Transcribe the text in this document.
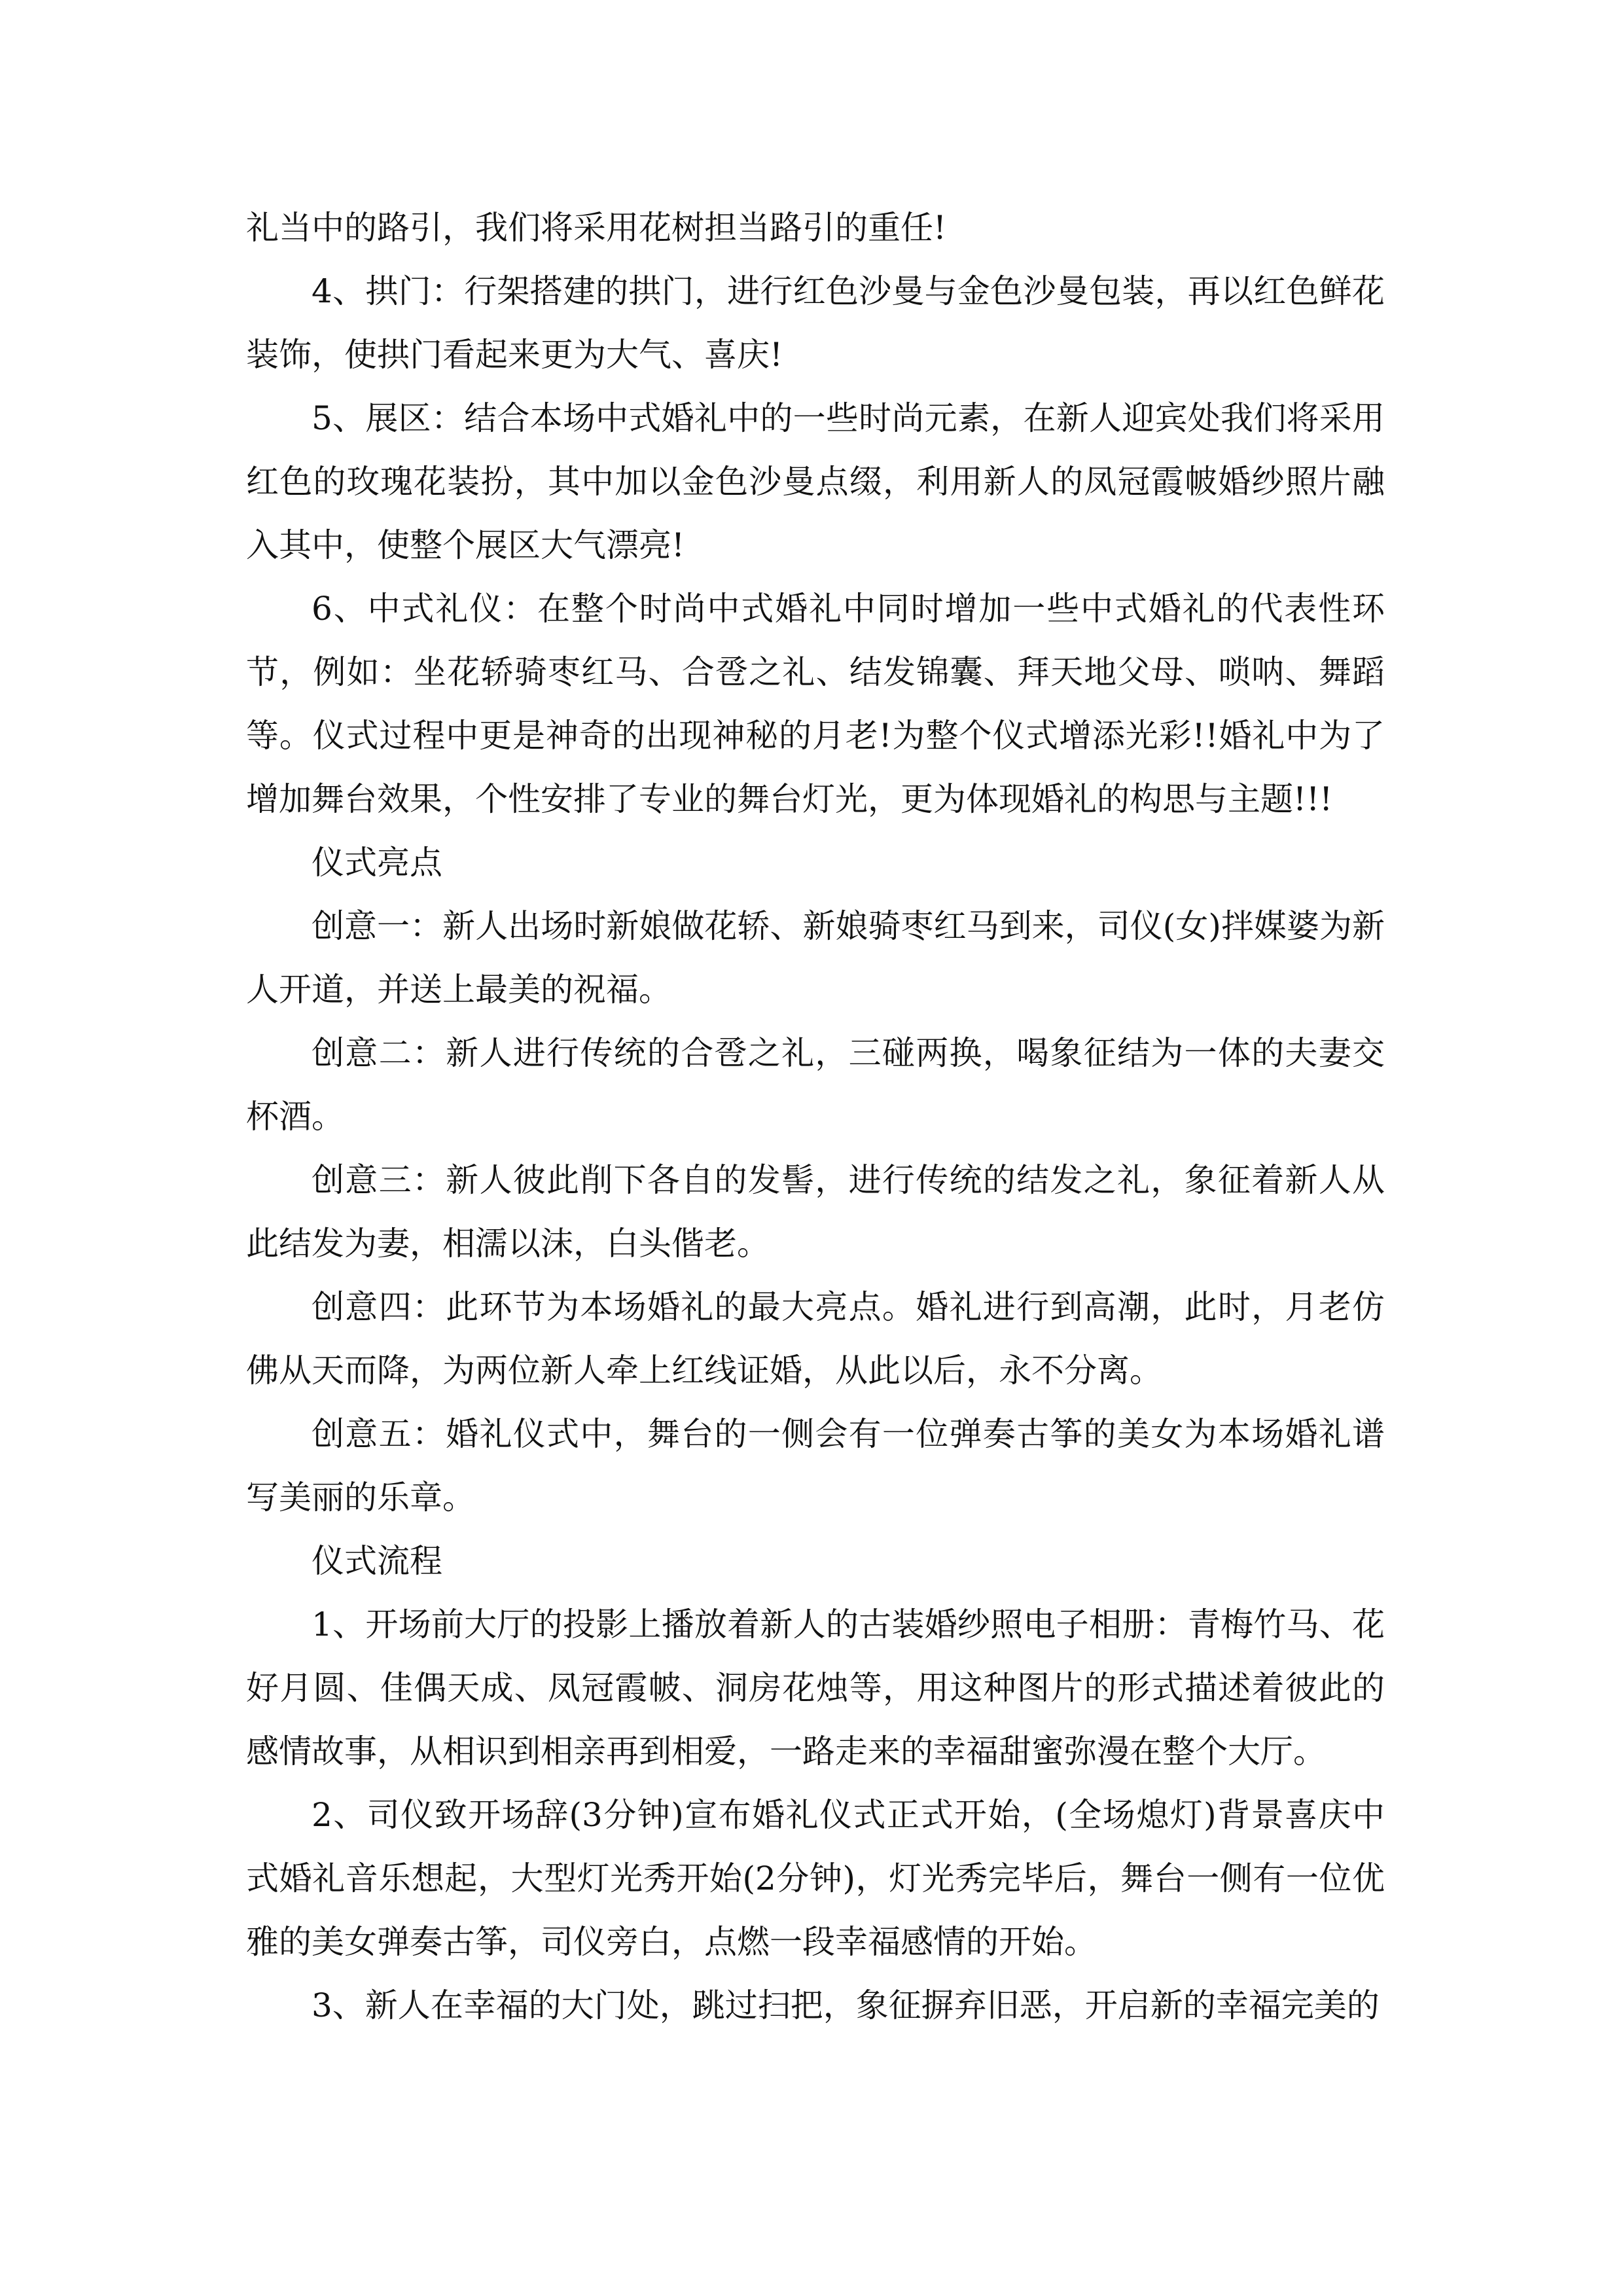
礼当中的路引，我们将采用花树担当路引的重任!

4、拱门：行架搭建的拱门，进行红色沙曼与金色沙曼包装，再以红色鲜花装饰，使拱门看起来更为大气、喜庆!

5、展区：结合本场中式婚礼中的一些时尚元素，在新人迎宾处我们将采用红色的玫瑰花装扮，其中加以金色沙曼点缀，利用新人的凤冠霞帔婚纱照片融入其中，使整个展区大气漂亮!

6、中式礼仪：在整个时尚中式婚礼中同时增加一些中式婚礼的代表性环节，例如：坐花轿骑枣红马、合卺之礼、结发锦囊、拜天地父母、唢呐、舞蹈等。仪式过程中更是神奇的出现神秘的月老!为整个仪式增添光彩!!婚礼中为了增加舞台效果，个性安排了专业的舞台灯光，更为体现婚礼的构思与主题!!!

仪式亮点

创意一：新人出场时新娘做花轿、新娘骑枣红马到来，司仪(女)拌媒婆为新人开道，并送上最美的祝福。

创意二：新人进行传统的合卺之礼，三碰两换，喝象征结为一体的夫妻交杯酒。

创意三：新人彼此削下各自的发髻，进行传统的结发之礼，象征着新人从此结发为妻，相濡以沫，白头偕老。

创意四：此环节为本场婚礼的最大亮点。婚礼进行到高潮，此时，月老仿佛从天而降，为两位新人牵上红线证婚，从此以后，永不分离。

创意五：婚礼仪式中，舞台的一侧会有一位弹奏古筝的美女为本场婚礼谱写美丽的乐章。

仪式流程

1、开场前大厅的投影上播放着新人的古装婚纱照电子相册：青梅竹马、花好月圆、佳偶天成、凤冠霞帔、洞房花烛等，用这种图片的形式描述着彼此的感情故事，从相识到相亲再到相爱，一路走来的幸福甜蜜弥漫在整个大厅。

2、司仪致开场辞(3分钟)宣布婚礼仪式正式开始，(全场熄灯)背景喜庆中式婚礼音乐想起，大型灯光秀开始(2分钟)，灯光秀完毕后，舞台一侧有一位优雅的美女弹奏古筝，司仪旁白，点燃一段幸福感情的开始。

3、新人在幸福的大门处，跳过扫把，象征摒弃旧恶，开启新的幸福完美的
